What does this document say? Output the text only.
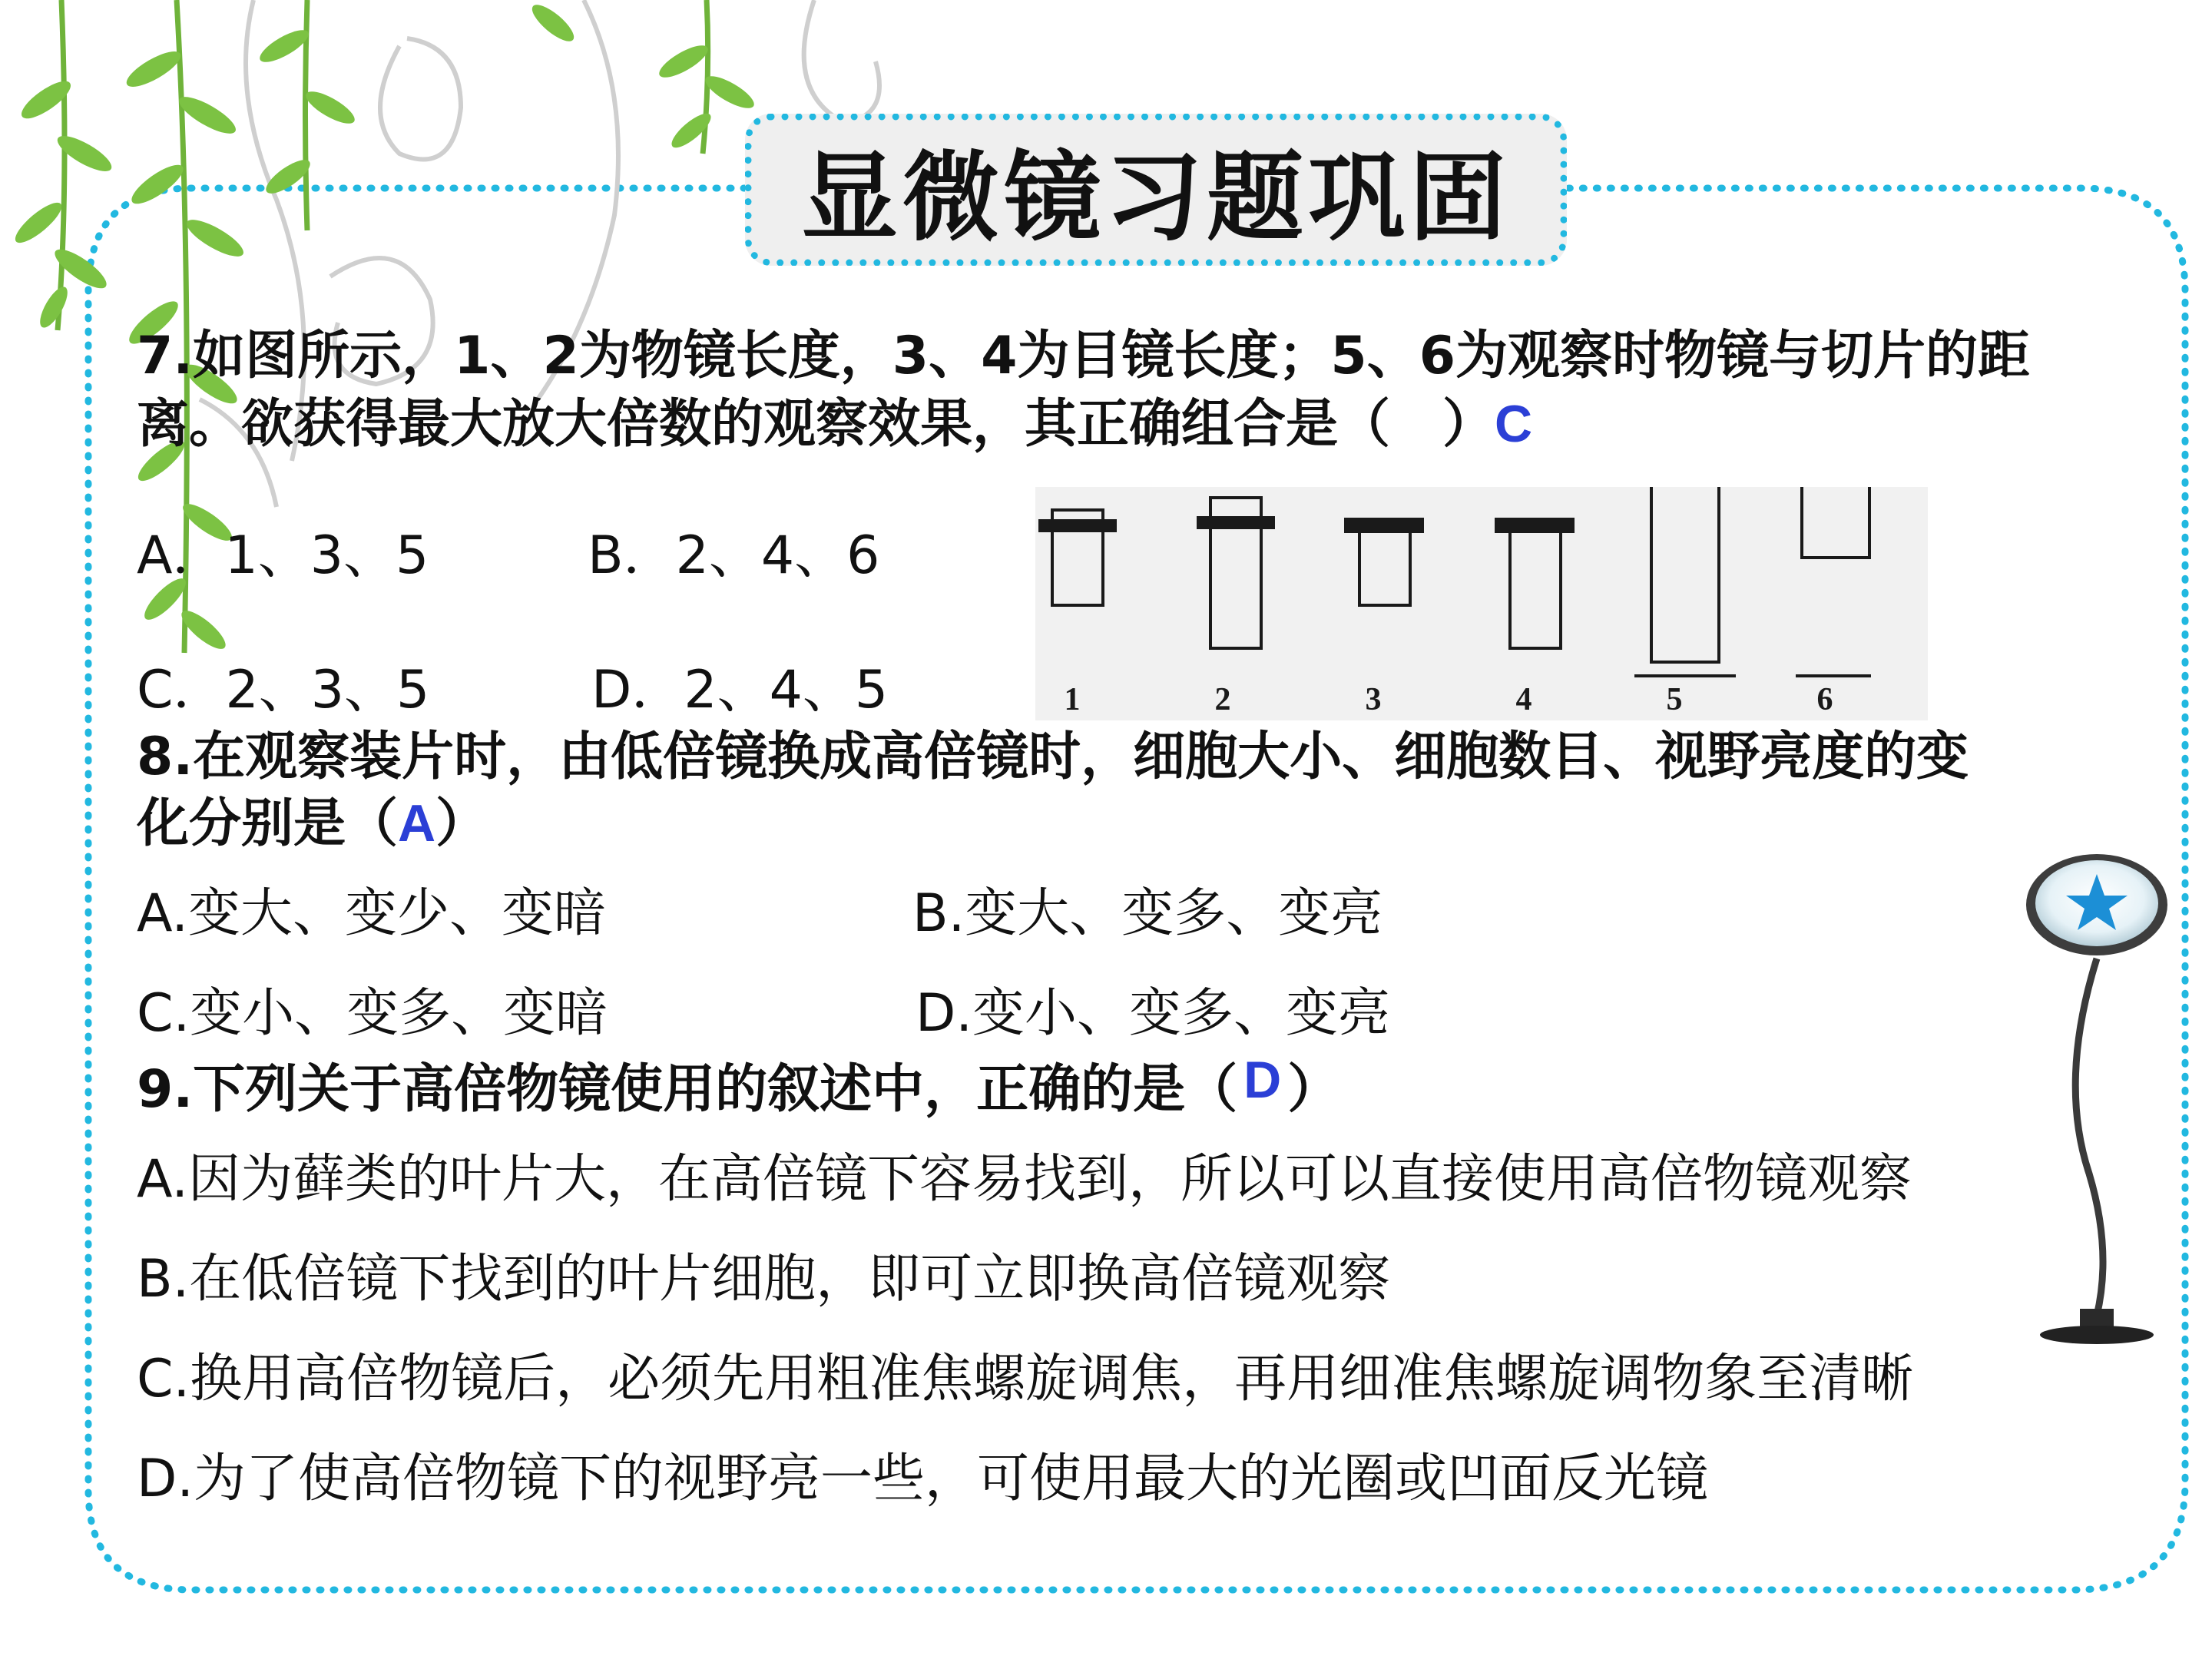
显微镜习题巩固
7.如图所示，1、2为物镜长度，3、4为目镜长度；5、6为观察时物镜与切片的距
离。欲获得最大放大倍数的观察效果，其正确组合是（　）C
A．1、3、5	B．2、4、6
C．2、3、5	D．2、4、5	1	2	3	4	5	6
8.在观察装片时，由低倍镜换成高倍镜时，细胞大小、细胞数目、视野亮度的变
化分别是（A）
A.变大、变少、变暗	B.变大、变多、变亮
C.变小、变多、变暗	D.变小、变多、变亮
9.下列关于高倍物镜使用的叙述中，正确的是（ D ）
A.因为藓类的叶片大，在高倍镜下容易找到，所以可以直接使用高倍物镜观察
B.在低倍镜下找到的叶片细胞，即可立即换高倍镜观察
C.换用高倍物镜后，必须先用粗准焦螺旋调焦，再用细准焦螺旋调物象至清晰
D.为了使高倍物镜下的视野亮一些，可使用最大的光圈或凹面反光镜
